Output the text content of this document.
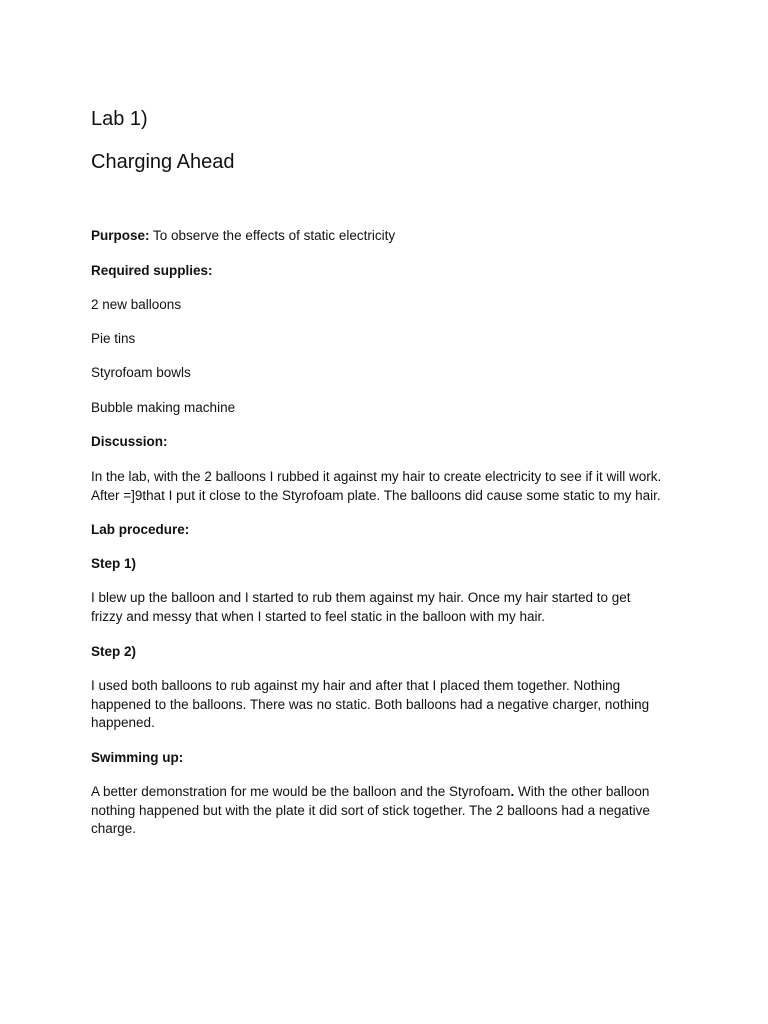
Lab 1)
Charging Ahead

Purpose: To observe the effects of static electricity

Required supplies:

2 new balloons

Pie tins

Styrofoam bowls

Bubble making machine

Discussion:

In the lab, with the 2 balloons I rubbed it against my hair to create electricity to see if it will work.

After =]9that I put it close to the Styrofoam plate. The balloons did cause some static to my hair.

Lab procedure:

Step 1)

I blew up the balloon and I started to rub them against my hair. Once my hair started to get

frizzy and messy that when I started to feel static in the balloon with my hair.

Step 2)

I used both balloons to rub against my hair and after that I placed them together. Nothing

happened to the balloons. There was no static. Both balloons had a negative charger, nothing

happened.

Swimming up:

A better demonstration for me would be the balloon and the Styrofoam. With the other balloon

nothing happened but with the plate it did sort of stick together. The 2 balloons had a negative

charge.
